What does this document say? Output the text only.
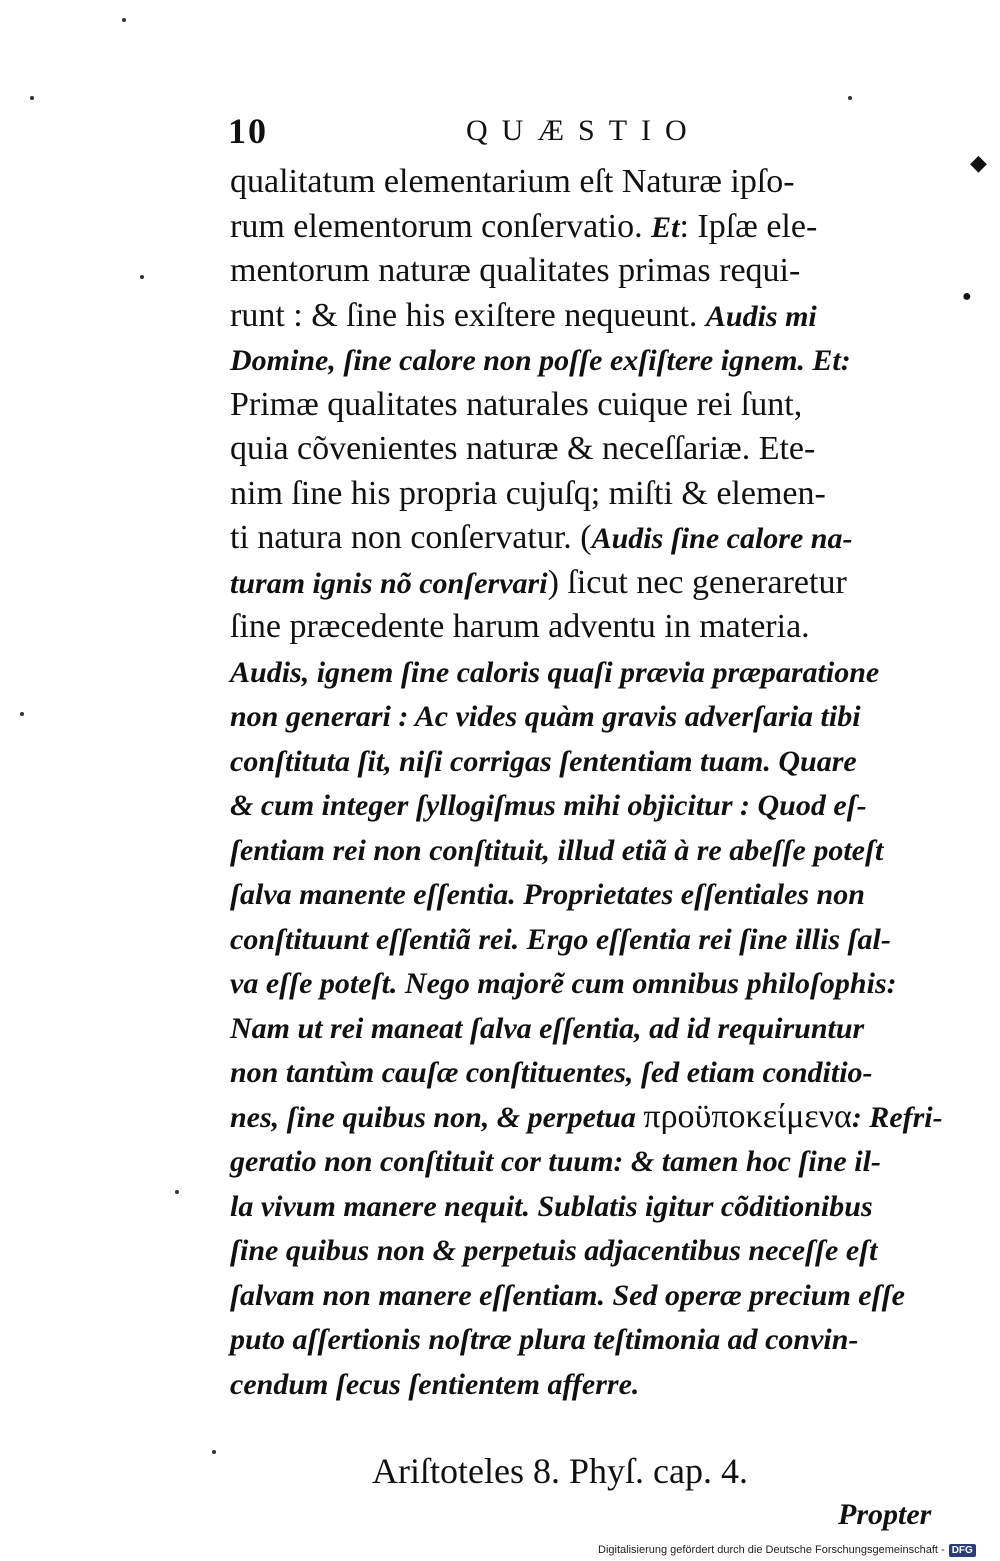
10	QUÆSTIO
qualitatum elementarium eſt Naturæ ipſo-
rum elementorum conſervatio. Et: Ipſæ ele-
mentorum naturæ qualitates primas requi-
runt : & ſine his exiſtere nequeunt. Audis mi
Domine, ſine calore non poſſe exſiſtere ignem. Et:
Primæ qualitates naturales cuique rei ſunt,
quia cõvenientes naturæ & neceſſariæ. Ete-
nim ſine his propria cujuſq; miſti & elemen-
ti natura non conſervatur. (Audis ſine calore na-
turam ignis nõ conſervari) ſicut nec generaretur
ſine præcedente harum adventu in materia.
Audis, ignem ſine caloris quaſi prævia præparatione
non generari : Ac vides quàm gravis adverſaria tibi
conſtituta ſit, niſi corrigas ſententiam tuam. Quare
& cum integer ſyllogiſmus mihi objicitur : Quod eſ-
ſentiam rei non conſtituit, illud etiã à re abeſſe poteſt
ſalva manente eſſentia. Proprietates eſſentiales non
conſtituunt eſſentiã rei. Ergo eſſentia rei ſine illis ſal-
va eſſe poteſt. Nego majorẽ cum omnibus philoſophis:
Nam ut rei maneat ſalva eſſentia, ad id requiruntur
non tantùm cauſæ conſtituentes, ſed etiam conditio-
nes, ſine quibus non, & perpetua προϋποκείμενα: Refri-
geratio non conſtituit cor tuum: & tamen hoc ſine il-
la vivum manere nequit. Sublatis igitur cõditionibus
ſine quibus non & perpetuis adjacentibus neceſſe eſt
ſalvam non manere eſſentiam. Sed operæ precium eſſe
puto aſſertionis noſtræ plura teſtimonia ad convin-
cendum ſecus ſentientem afferre.
Ariſtoteles 8. Phyſ. cap. 4.
Propter
◆
●
Digitalisierung gefördert durch die Deutsche Forschungsgemeinschaft - DFG
